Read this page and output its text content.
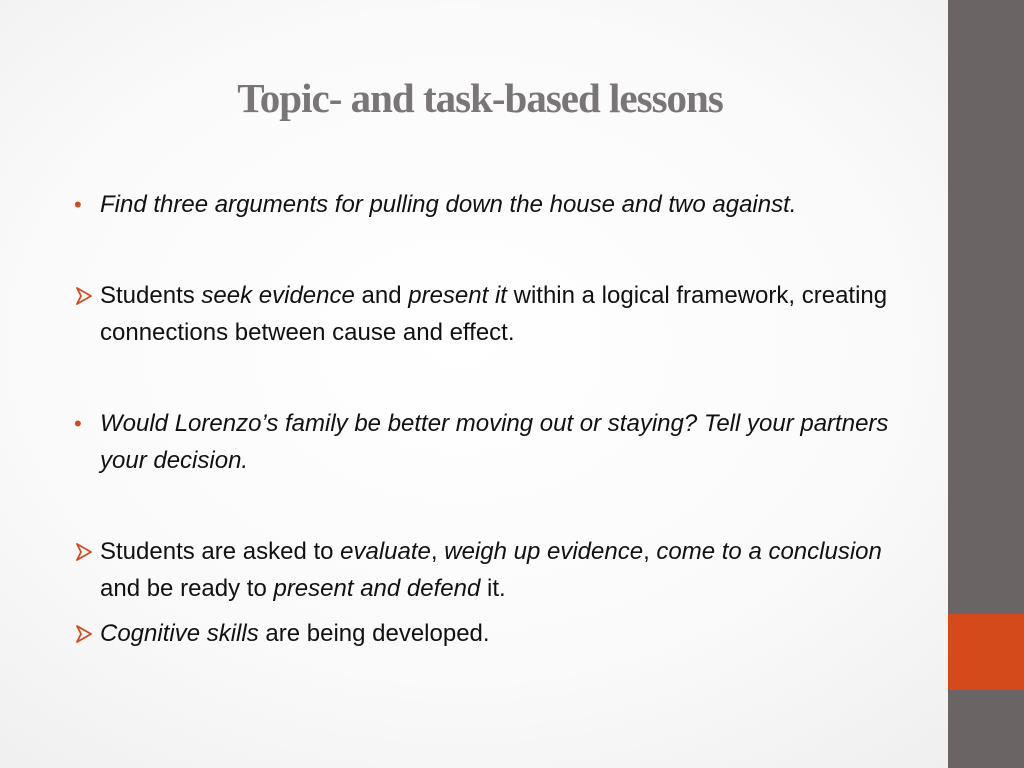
Topic- and task-based lessons
• Find three arguments for pulling down the house and two against.
Students seek evidence and present it within a logical framework, creating connections between cause and effect.
• Would Lorenzo’s family be better moving out or staying? Tell your partners your decision.
Students are asked to evaluate, weigh up evidence, come to a conclusion and be ready to present and defend it.
Cognitive skills are being developed.
